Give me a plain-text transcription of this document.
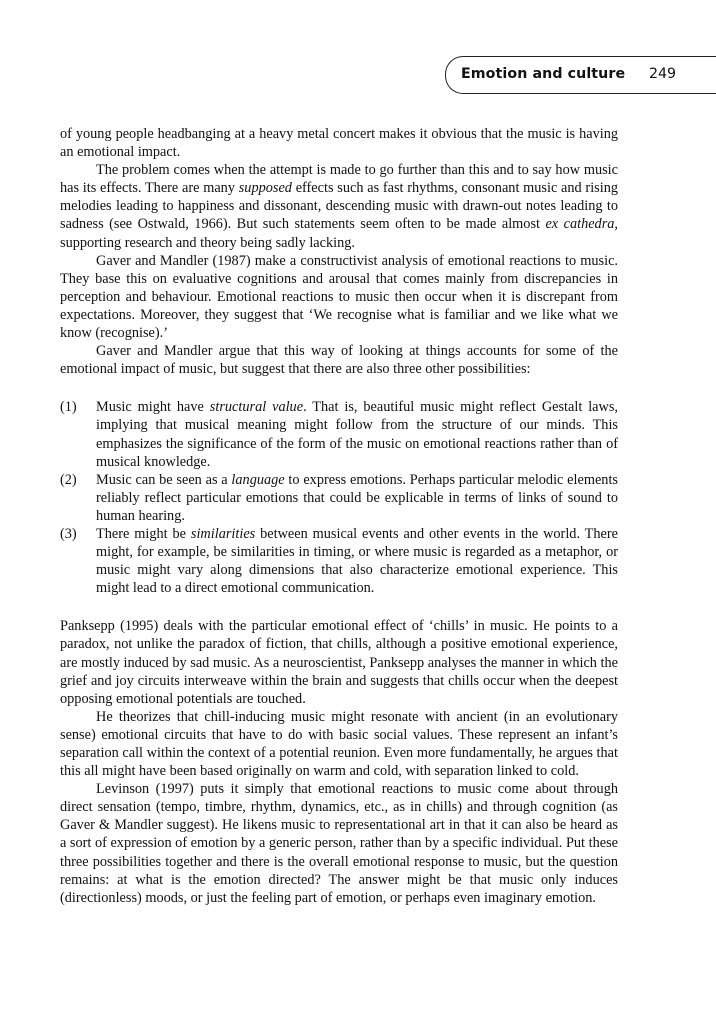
Emotion and culture 249

of young people headbanging at a heavy metal concert makes it obvious that the music is having an emotional impact.

The problem comes when the attempt is made to go further than this and to say how music has its effects. There are many supposed effects such as fast rhythms, consonant music and rising melodies leading to happiness and dissonant, descending music with drawn-out notes leading to sadness (see Ostwald, 1966). But such statements seem often to be made almost ex cathedra, supporting research and theory being sadly lacking.

Gaver and Mandler (1987) make a constructivist analysis of emotional reactions to music. They base this on evaluative cognitions and arousal that comes mainly from discrepancies in perception and behaviour. Emotional reactions to music then occur when it is discrepant from expectations. Moreover, they suggest that ‘We recognise what is familiar and we like what we know (recognise).’

Gaver and Mandler argue that this way of looking at things accounts for some of the emotional impact of music, but suggest that there are also three other possibilities:

(1) Music might have structural value. That is, beautiful music might reflect Gestalt laws, implying that musical meaning might follow from the structure of our minds. This emphasizes the significance of the form of the music on emotional reactions rather than of musical knowledge.
(2) Music can be seen as a language to express emotions. Perhaps particular melodic elements reliably reflect particular emotions that could be explicable in terms of links of sound to human hearing.
(3) There might be similarities between musical events and other events in the world. There might, for example, be similarities in timing, or where music is regarded as a metaphor, or music might vary along dimensions that also characterize emotional experience. This might lead to a direct emotional communication.

Panksepp (1995) deals with the particular emotional effect of ‘chills’ in music. He points to a paradox, not unlike the paradox of fiction, that chills, although a positive emotional experience, are mostly induced by sad music. As a neuroscientist, Panksepp analyses the manner in which the grief and joy circuits interweave within the brain and suggests that chills occur when the deepest opposing emotional potentials are touched.

He theorizes that chill-inducing music might resonate with ancient (in an evolutionary sense) emotional circuits that have to do with basic social values. These represent an infant’s separation call within the context of a potential reunion. Even more fundamentally, he argues that this all might have been based originally on warm and cold, with separation linked to cold.

Levinson (1997) puts it simply that emotional reactions to music come about through direct sensation (tempo, timbre, rhythm, dynamics, etc., as in chills) and through cognition (as Gaver & Mandler suggest). He likens music to representational art in that it can also be heard as a sort of expression of emotion by a generic person, rather than by a specific individual. Put these three possibilities together and there is the overall emotional response to music, but the question remains: at what is the emotion directed? The answer might be that music only induces (directionless) moods, or just the feeling part of emotion, or perhaps even imaginary emotion.
